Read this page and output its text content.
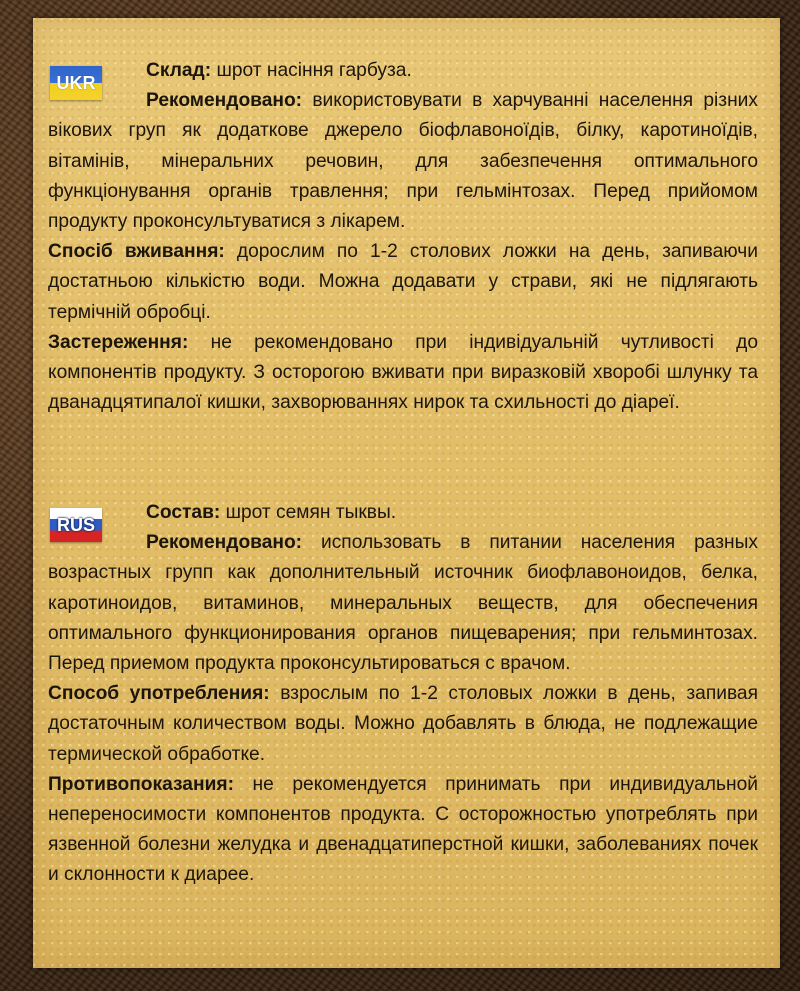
UKR

Склад: шрот насіння гарбуза.

Рекомендовано: використовувати в харчуванні населення різних вікових груп як додаткове джерело біофлавоноїдів, білку, каротиноїдів, вітамінів, мінеральних речовин, для забезпечення оптимального функціонування органів травлення; при гельмінтозах. Перед прийомом продукту проконсультуватися з лікарем.

Спосіб вживання: дорослим по 1-2 столових ложки на день, запиваючи достатньою кількістю води. Можна додавати у страви, які не підлягають термічній обробці.

Застереження: не рекомендовано при індивідуальній чутливості до компонентів продукту. З осторогою вживати при виразковій хворобі шлунку та дванадцятипалої кишки, захворюваннях нирок та схильності до діареї.

RUS

Состав: шрот семян тыквы.

Рекомендовано: использовать в питании населения разных возрастных групп как дополнительный источник биофлавоноидов, белка, каротиноидов, витаминов, минеральных веществ, для обеспечения оптимального функционирования органов пищеварения; при гельминтозах. Перед приемом продукта проконсультироваться с врачом.

Способ употребления: взрослым по 1-2 столовых ложки в день, запивая достаточным количеством воды. Можно добавлять в блюда, не подлежащие термической обработке.

Противопоказания: не рекомендуется принимать при индивидуальной непереносимости компонентов продукта. С осторожностью употреблять при язвенной болезни желудка и двенадцатиперстной кишки, заболеваниях почек и склонности к диарее.
